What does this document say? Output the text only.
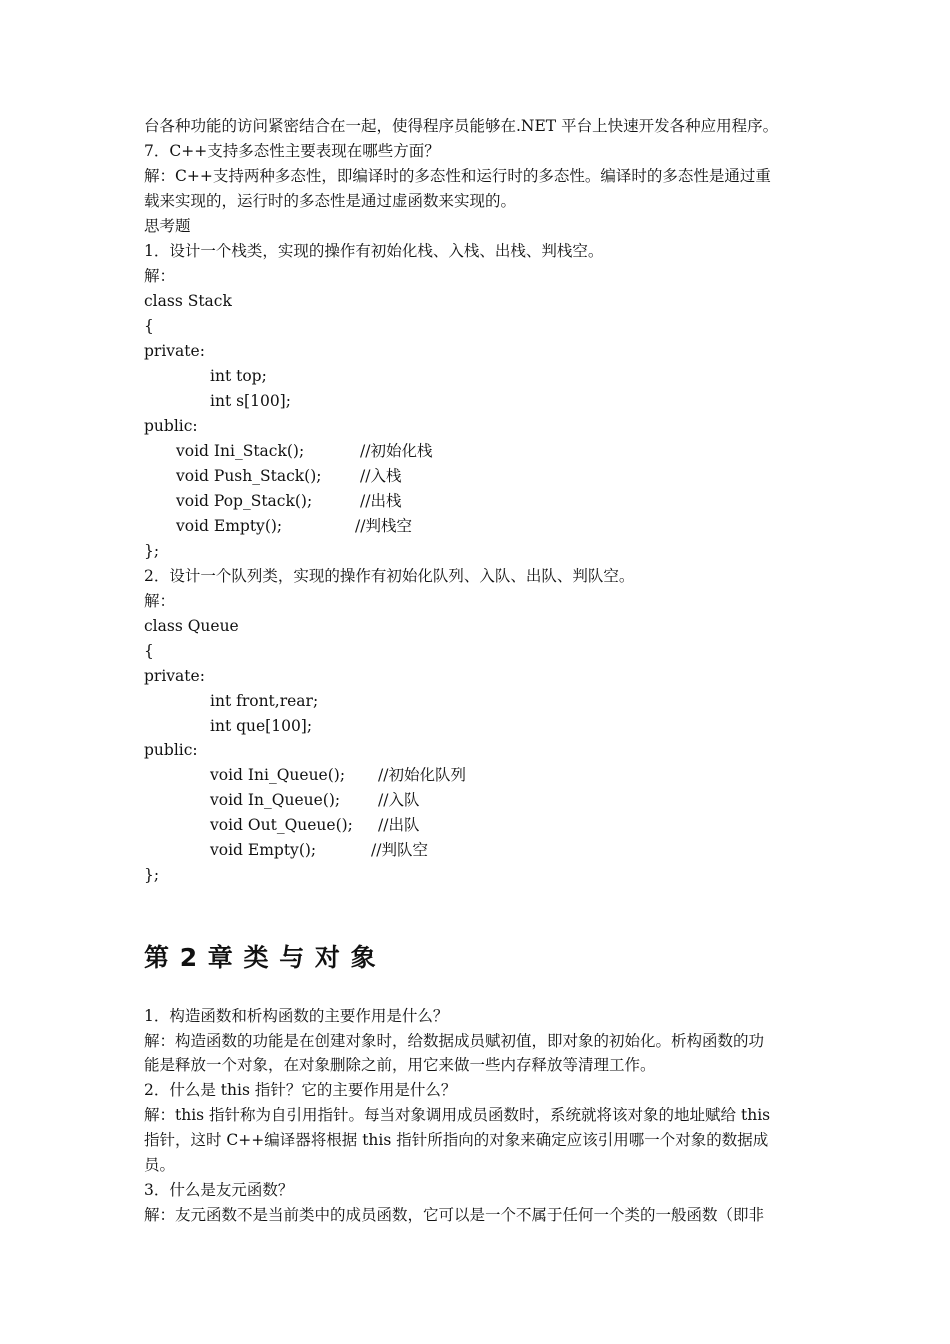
台各种功能的访问紧密结合在一起，使得程序员能够在.NET 平台上快速开发各种应用程序。
7．C++支持多态性主要表现在哪些方面？
解：C++支持两种多态性，即编译时的多态性和运行时的多态性。编译时的多态性是通过重
载来实现的，运行时的多态性是通过虚函数来实现的。
思考题
1．设计一个栈类，实现的操作有初始化栈、入栈、出栈、判栈空。
解：
class Stack
{
private:
int top;
int s[100];
public:
void Ini_Stack();	//初始化栈
void Push_Stack(); //入栈
void Pop_Stack();	//出栈
void Empty();	//判栈空
};
2．设计一个队列类，实现的操作有初始化队列、入队、出队、判队空。
解：
class Queue
{
private:
int front,rear;
int que[100];
public:
void Ini_Queue(); //初始化队列
void In_Queue(); //入队
void Out_Queue(); //出队
void Empty();	//判队空
};
第 2 章 类 与 对 象
1．构造函数和析构函数的主要作用是什么？
解：构造函数的功能是在创建对象时，给数据成员赋初值，即对象的初始化。析构函数的功
能是释放一个对象，在对象删除之前，用它来做一些内存释放等清理工作。
2．什么是 this 指针？它的主要作用是什么？
解：this 指针称为自引用指针。每当对象调用成员函数时，系统就将该对象的地址赋给 this
指针，这时 C++编译器将根据 this 指针所指向的对象来确定应该引用哪一个对象的数据成
员。
3．什么是友元函数？
解：友元函数不是当前类中的成员函数，它可以是一个不属于任何一个类的一般函数（即非
